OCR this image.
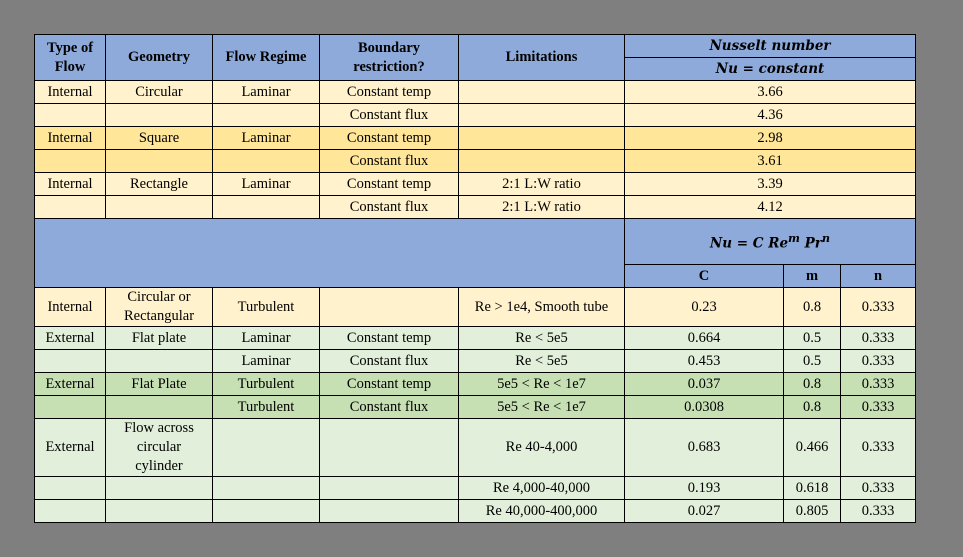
Type of Flow	Geometry	Flow Regime	Boundary restriction?	Limitations	Nusselt number		
					Nu = constant		
Internal	Circular	Laminar	Constant temp		3.66		
			Constant flux		4.36		
Internal	Square	Laminar	Constant temp		2.98		
			Constant flux		3.61		
Internal	Rectangle	Laminar	Constant temp	2:1 L:W ratio	3.39		
			Constant flux	2:1 L:W ratio	4.12		
					Nu = C Re$^m$ Pr$^n$
					C	m	n
Internal	Circular or Rectangular	Turbulent		Re > 1e4, Smooth tube	0.23	0.8	0.333
External	Flat plate	Laminar	Constant temp	Re < 5e5	0.664	0.5	0.333
		Laminar	Constant flux	Re < 5e5	0.453	0.5	0.333
External	Flat Plate	Turbulent	Constant temp	5e5 < Re < 1e7	0.037	0.8	0.333
		Turbulent	Constant flux	5e5 < Re < 1e7	0.0308	0.8	0.333
External	Flow across circular cylinder			Re 40-4,000	0.683	0.466	0.333
				Re 4,000-40,000	0.193	0.618	0.333
				Re 40,000-400,000	0.027	0.805	0.333
